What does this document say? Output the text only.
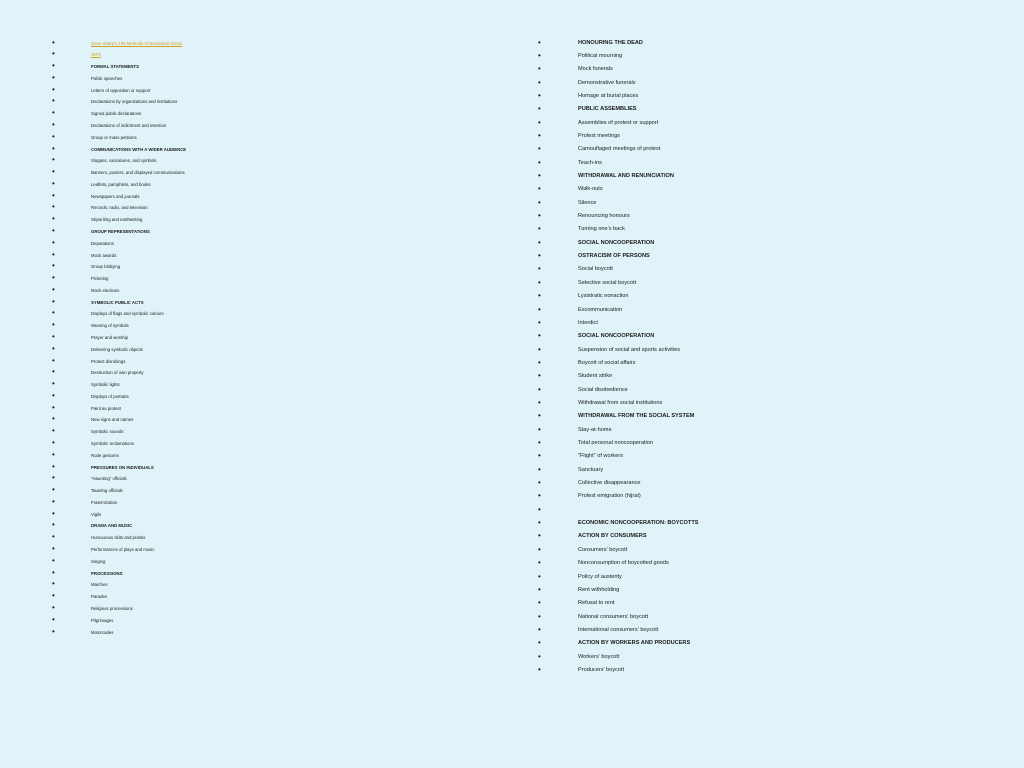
•	Gene Sharp's 198 Methods of Nonviolent Action
•	1973
•	FORMAL STATEMENTS
•	Public speeches
•	Letters of opposition or support
•	Declarations by organizations and institutions
•	Signed public declarations
•	Declarations of indictment and intention
•	Group or mass petitions
•	COMMUNICATIONS WITH A WIDER AUDIENCE
•	Slogans, caricatures, and symbols
•	Banners, posters, and displayed communications
•	Leaflets, pamphlets, and books
•	Newspapers and journals
•	Records, radio, and television
•	Skywriting and earthwriting
•	GROUP REPRESENTATIONS
•	Deputations
•	Mock awards
•	Group lobbying
•	Picketing
•	Mock elections
•	SYMBOLIC PUBLIC ACTS
•	Displays of flags and symbolic colours
•	Wearing of symbols
•	Prayer and worship
•	Delivering symbolic objects
•	Protest disrobings
•	Destruction of own property
•	Symbolic lights
•	Displays of portraits
•	Paint as protest
•	New signs and names
•	Symbolic sounds
•	Symbolic reclamations
•	Rude gestures
•	PRESSURES ON INDIVIDUALS
•	"Haunting" officials
•	Taunting officials
•	Fraternization
•	Vigils
•	DRAMA AND MUSIC
•	Humourous skits and pranks
•	Performances of plays and music
•	Singing
•	PROCESSIONS
•	Marches
•	Parades
•	Religious processions
•	Pilgrimages
•	Motorcades
•	HONOURING THE DEAD
•	Political mourning
•	Mock funerals
•	Demonstrative funerals
•	Homage at burial places
•	PUBLIC ASSEMBLIES
•	Assemblies of protest or support
•	Protest meetings
•	Camouflaged meetings of protest
•	Teach-ins
•	WITHDRAWAL AND RENUNCIATION
•	Walk-outs
•	Silence
•	Renouncing honours
•	Turning one's back
•	SOCIAL NONCOOPERATION
•	OSTRACISM OF PERSONS
•	Social boycott
•	Selective social boycott
•	Lysistratic nonaction
•	Excommunication
•	Interdict
•	SOCIAL NONCOOPERATION
•	Suspension of social and sports activities
•	Boycott of social affairs
•	Student strike
•	Social disobedience
•	Withdrawal from social institutions
•	WITHDRAWAL FROM THE SOCIAL SYSTEM
•	Stay-at-home
•	Total personal noncooperation
•	"Flight" of workers
•	Sanctuary
•	Collective disappearance
•	Protest emigration (hijrat)
•
•	ECONOMIC NONCOOPERATION: BOYCOTTS
•	ACTION BY CONSUMERS
•	Consumers' boycott
•	Nonconsumption of boycotted goods
•	Policy of austerity
•	Rent withholding
•	Refusal to rent
•	National consumers' boycott
•	International consumers' boycott
•	ACTION BY WORKERS AND PRODUCERS
•	Workers' boycott
•	Producers' boycott
